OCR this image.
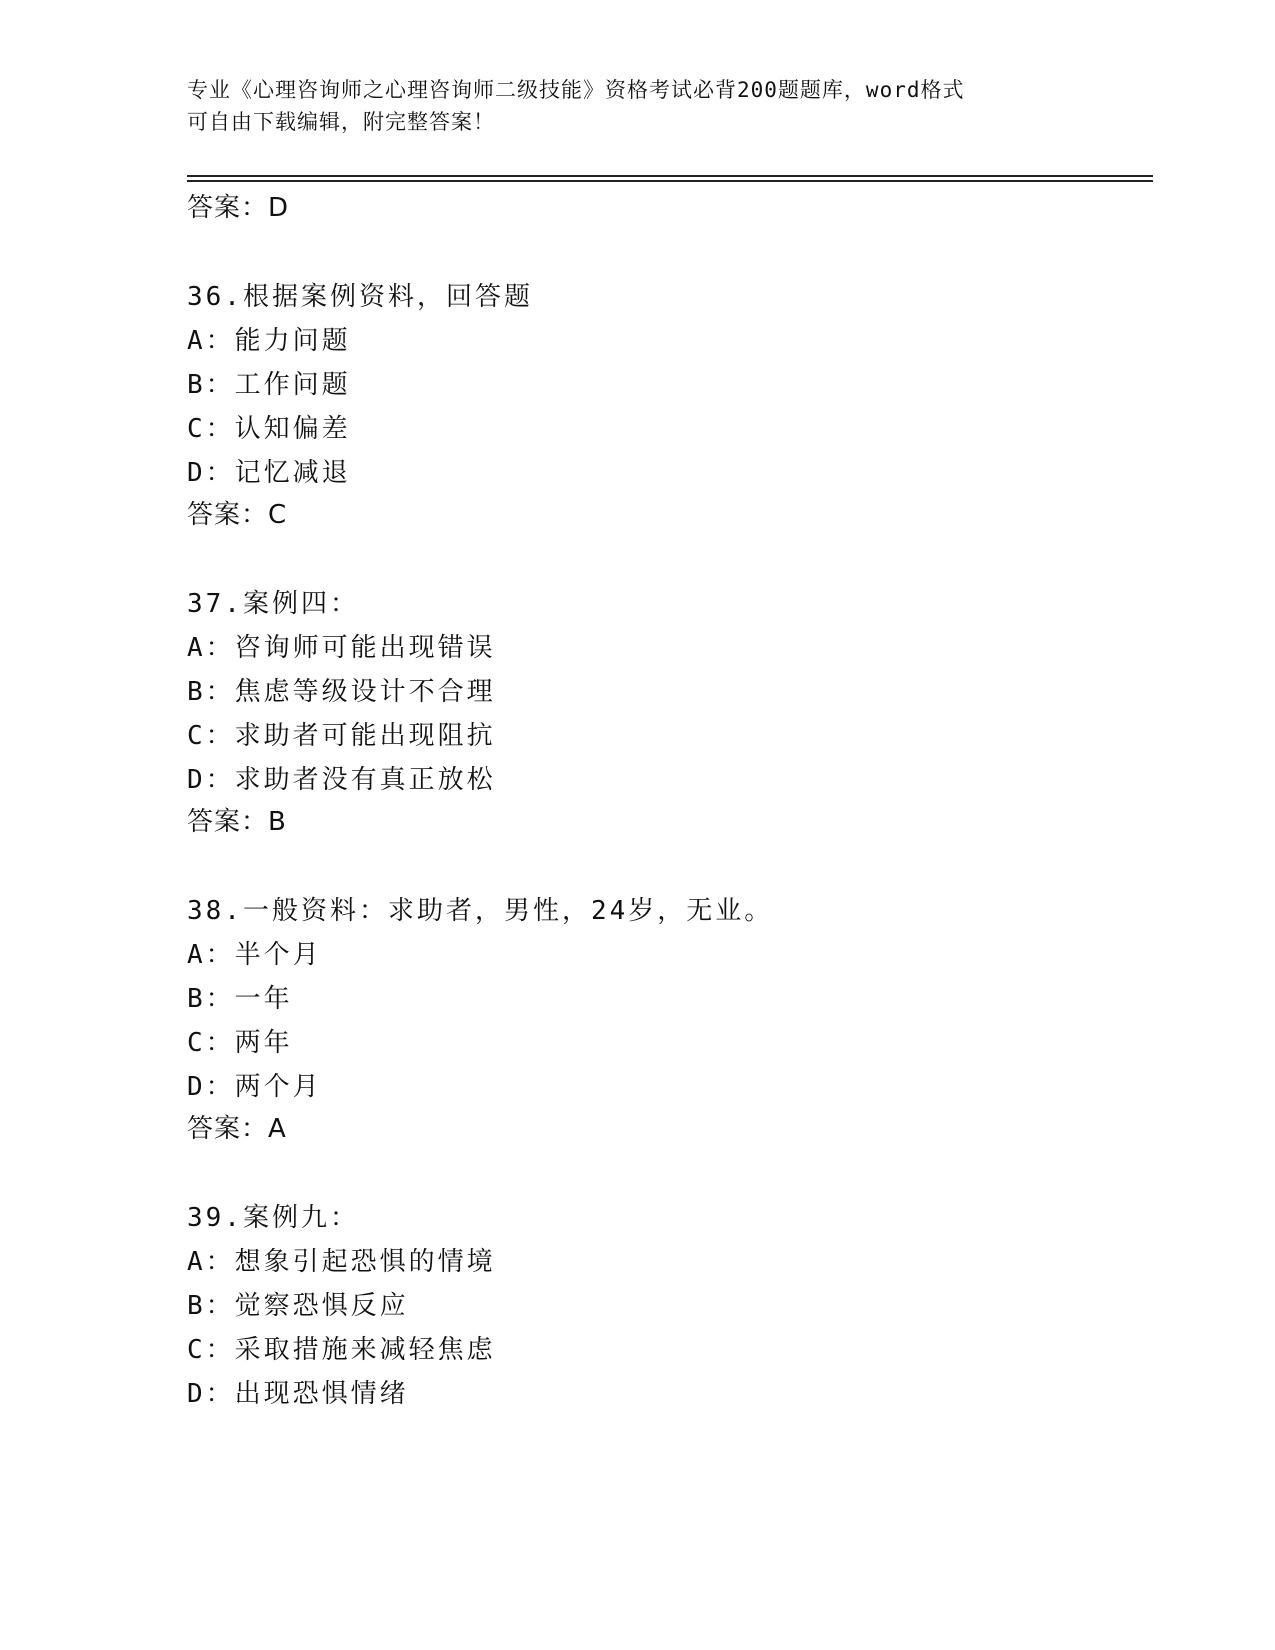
专业《心理咨询师之心理咨询师二级技能》资格考试必背200题题库，word格式
可自由下载编辑，附完整答案！
答案：D
36.根据案例资料，回答题
A：能力问题
B：工作问题
C：认知偏差
D：记忆减退
答案：C
37.案例四：
A：咨询师可能出现错误
B：焦虑等级设计不合理
C：求助者可能出现阻抗
D：求助者没有真正放松
答案：B
38.一般资料：求助者，男性，24岁，无业。
A：半个月
B：一年
C：两年
D：两个月
答案：A
39.案例九：
A：想象引起恐惧的情境
B：觉察恐惧反应
C：采取措施来减轻焦虑
D：出现恐惧情绪
